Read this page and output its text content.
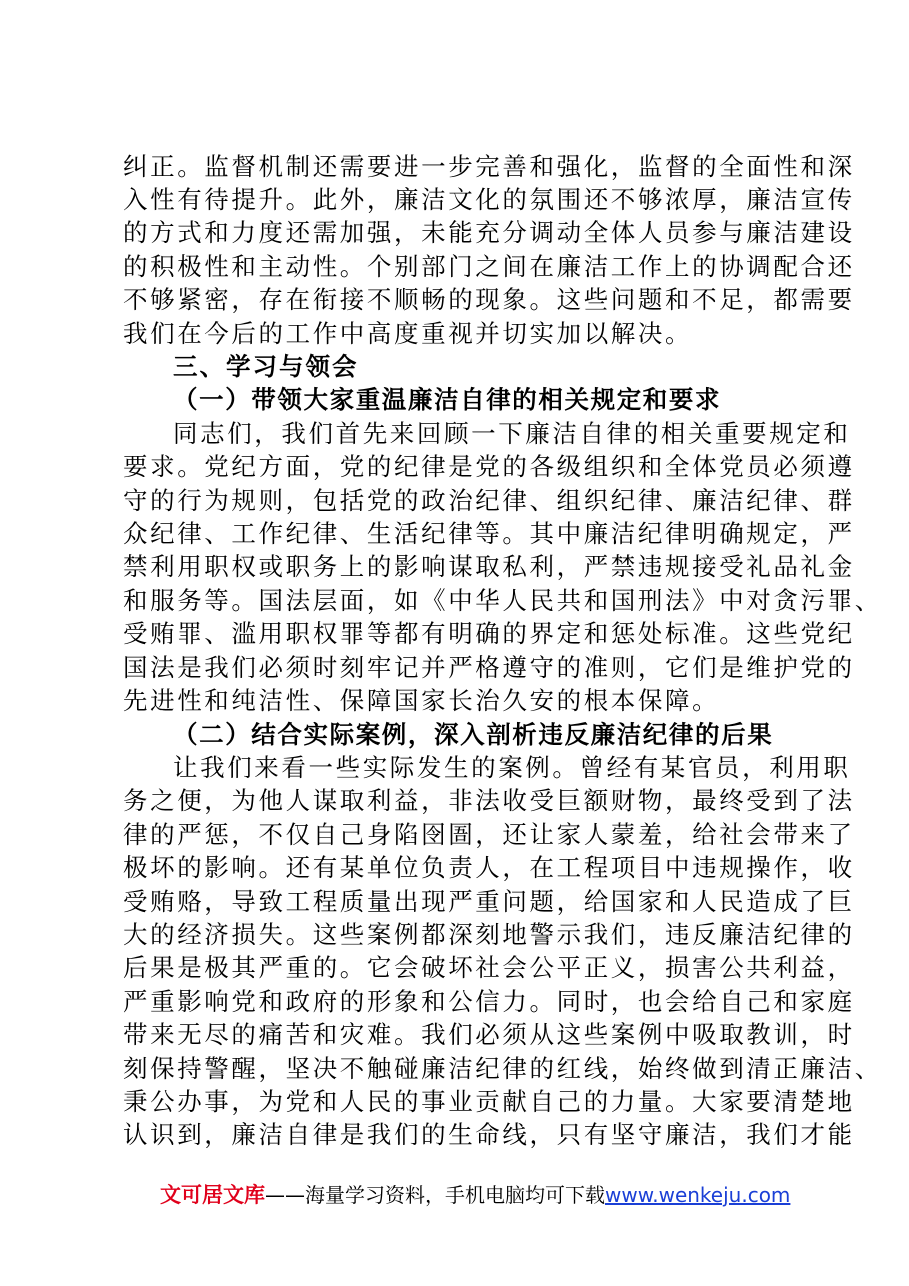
纠正。监督机制还需要进一步完善和强化，监督的全面性和深
入性有待提升。此外，廉洁文化的氛围还不够浓厚，廉洁宣传
的方式和力度还需加强，未能充分调动全体人员参与廉洁建设
的积极性和主动性。个别部门之间在廉洁工作上的协调配合还
不够紧密，存在衔接不顺畅的现象。这些问题和不足，都需要
我们在今后的工作中高度重视并切实加以解决。
三、学习与领会
（一）带领大家重温廉洁自律的相关规定和要求
同志们，我们首先来回顾一下廉洁自律的相关重要规定和
要求。党纪方面，党的纪律是党的各级组织和全体党员必须遵
守的行为规则，包括党的政治纪律、组织纪律、廉洁纪律、群
众纪律、工作纪律、生活纪律等。其中廉洁纪律明确规定，严
禁利用职权或职务上的影响谋取私利，严禁违规接受礼品礼金
和服务等。国法层面，如《中华人民共和国刑法》中对贪污罪、
受贿罪、滥用职权罪等都有明确的界定和惩处标准。这些党纪
国法是我们必须时刻牢记并严格遵守的准则，它们是维护党的
先进性和纯洁性、保障国家长治久安的根本保障。
（二）结合实际案例，深入剖析违反廉洁纪律的后果
让我们来看一些实际发生的案例。曾经有某官员，利用职
务之便，为他人谋取利益，非法收受巨额财物，最终受到了法
律的严惩，不仅自己身陷囹圄，还让家人蒙羞，给社会带来了
极坏的影响。还有某单位负责人，在工程项目中违规操作，收
受贿赂，导致工程质量出现严重问题，给国家和人民造成了巨
大的经济损失。这些案例都深刻地警示我们，违反廉洁纪律的
后果是极其严重的。它会破坏社会公平正义，损害公共利益，
严重影响党和政府的形象和公信力。同时，也会给自己和家庭
带来无尽的痛苦和灾难。我们必须从这些案例中吸取教训，时
刻保持警醒，坚决不触碰廉洁纪律的红线，始终做到清正廉洁、
秉公办事，为党和人民的事业贡献自己的力量。大家要清楚地
认识到，廉洁自律是我们的生命线，只有坚守廉洁，我们才能
文可居文库——海量学习资料，手机电脑均可下载www.wenkeju.com
